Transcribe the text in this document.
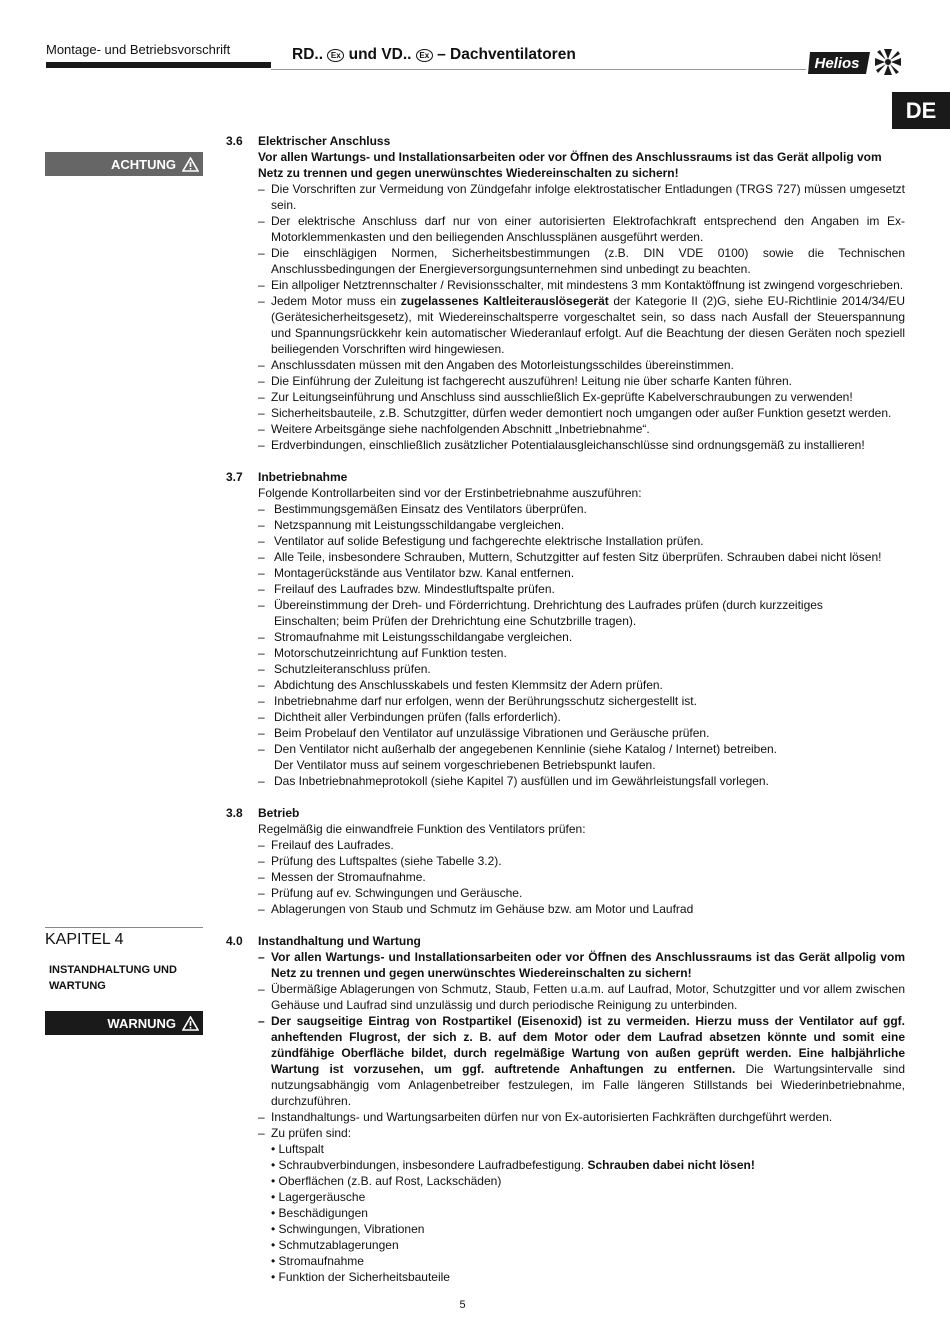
Montage- und Betriebsvorschrift	RD.. Ex und VD.. Ex – Dachventilatoren
Helios
DE
ACHTUNG
KAPITEL 4
INSTANDHALTUNG UND WARTUNG
WARNUNG
3.6 Elektrischer Anschluss
Vor allen Wartungs- und Installationsarbeiten oder vor Öffnen des Anschlussraums ist das Gerät allpolig vom Netz zu trennen und gegen unerwünschtes Wiedereinschalten zu sichern!
– Die Vorschriften zur Vermeidung von Zündgefahr infolge elektrostatischer Entladungen (TRGS 727) müssen umgesetzt sein.
– Der elektrische Anschluss darf nur von einer autorisierten Elektrofachkraft entsprechend den Angaben im Ex-Motorklemmenkasten und den beiliegenden Anschlussplänen ausgeführt werden.
– Die einschlägigen Normen, Sicherheitsbestimmungen (z.B. DIN VDE 0100) sowie die Technischen Anschlussbedingungen der Energieversorgungsunternehmen sind unbedingt zu beachten.
– Ein allpoliger Netztrennschalter / Revisionsschalter, mit mindestens 3 mm Kontaktöffnung ist zwingend vorgeschrieben.
– Jedem Motor muss ein zugelassenes Kaltleiterauslösegerät der Kategorie II (2)G, siehe EU-Richtlinie 2014/34/EU (Gerätesicherheitsgesetz), mit Wiedereinschaltsperre vorgeschaltet sein, so dass nach Ausfall der Steuerspannung und Spannungsrückkehr kein automatischer Wiederanlauf erfolgt. Auf die Beachtung der diesen Geräten noch speziell beiliegenden Vorschriften wird hingewiesen.
– Anschlussdaten müssen mit den Angaben des Motorleistungsschildes übereinstimmen.
– Die Einführung der Zuleitung ist fachgerecht auszuführen! Leitung nie über scharfe Kanten führen.
– Zur Leitungseinführung und Anschluss sind ausschließlich Ex-geprüfte Kabelverschraubungen zu verwenden!
– Sicherheitsbauteile, z.B. Schutzgitter, dürfen weder demontiert noch umgangen oder außer Funktion gesetzt werden.
– Weitere Arbeitsgänge siehe nachfolgenden Abschnitt „Inbetriebnahme“.
– Erdverbindungen, einschließlich zusätzlicher Potentialausgleichanschlüsse sind ordnungsgemäß zu installieren!
3.7 Inbetriebnahme
Folgende Kontrollarbeiten sind vor der Erstinbetriebnahme auszuführen:
– Bestimmungsgemäßen Einsatz des Ventilators überprüfen.
– Netzspannung mit Leistungsschildangabe vergleichen.
– Ventilator auf solide Befestigung und fachgerechte elektrische Installation prüfen.
– Alle Teile, insbesondere Schrauben, Muttern, Schutzgitter auf festen Sitz überprüfen. Schrauben dabei nicht lösen!
– Montagerückstände aus Ventilator bzw. Kanal entfernen.
– Freilauf des Laufrades bzw. Mindestluftspalte prüfen.
– Übereinstimmung der Dreh- und Förderrichtung. Drehrichtung des Laufrades prüfen (durch kurzzeitiges
Einschalten; beim Prüfen der Drehrichtung eine Schutzbrille tragen).
– Stromaufnahme mit Leistungsschildangabe vergleichen.
– Motorschutzeinrichtung auf Funktion testen.
– Schutzleiteranschluss prüfen.
– Abdichtung des Anschlusskabels und festen Klemmsitz der Adern prüfen.
– Inbetriebnahme darf nur erfolgen, wenn der Berührungsschutz sichergestellt ist.
– Dichtheit aller Verbindungen prüfen (falls erforderlich).
– Beim Probelauf den Ventilator auf unzulässige Vibrationen und Geräusche prüfen.
– Den Ventilator nicht außerhalb der angegebenen Kennlinie (siehe Katalog / Internet) betreiben.
Der Ventilator muss auf seinem vorgeschriebenen Betriebspunkt laufen.
– Das Inbetriebnahmeprotokoll (siehe Kapitel 7) ausfüllen und im Gewährleistungsfall vorlegen.
3.8 Betrieb
Regelmäßig die einwandfreie Funktion des Ventilators prüfen:
– Freilauf des Laufrades.
– Prüfung des Luftspaltes (siehe Tabelle 3.2).
– Messen der Stromaufnahme.
– Prüfung auf ev. Schwingungen und Geräusche.
– Ablagerungen von Staub und Schmutz im Gehäuse bzw. am Motor und Laufrad
4.0 Instandhaltung und Wartung
– Vor allen Wartungs- und Installationsarbeiten oder vor Öffnen des Anschlussraums ist das Gerät allpolig vom Netz zu trennen und gegen unerwünschtes Wiedereinschalten zu sichern!
– Übermäßige Ablagerungen von Schmutz, Staub, Fetten u.a.m. auf Laufrad, Motor, Schutzgitter und vor allem zwischen Gehäuse und Laufrad sind unzulässig und durch periodische Reinigung zu unterbinden.
– Der saugseitige Eintrag von Rostpartikel (Eisenoxid) ist zu vermeiden. Hierzu muss der Ventilator auf ggf. anheftenden Flugrost, der sich z. B. auf dem Motor oder dem Laufrad absetzen könnte und somit eine zündfähige Oberfläche bildet, durch regelmäßige Wartung von außen geprüft werden. Eine halbjährliche Wartung ist vorzusehen, um ggf. auftretende Anhaftungen zu entfernen. Die Wartungsintervalle sind nutzungsabhängig vom Anlagenbetreiber festzulegen, im Falle längeren Stillstands bei Wiederinbetriebnahme, durchzuführen.
– Instandhaltungs- und Wartungsarbeiten dürfen nur von Ex-autorisierten Fachkräften durchgeführt werden.
– Zu prüfen sind:
• Luftspalt
• Schraubverbindungen, insbesondere Laufradbefestigung. Schrauben dabei nicht lösen!
• Oberflächen (z.B. auf Rost, Lackschäden)
• Lagergeräusche
• Beschädigungen
• Schwingungen, Vibrationen
• Schmutzablagerungen
• Stromaufnahme
• Funktion der Sicherheitsbauteile
5
